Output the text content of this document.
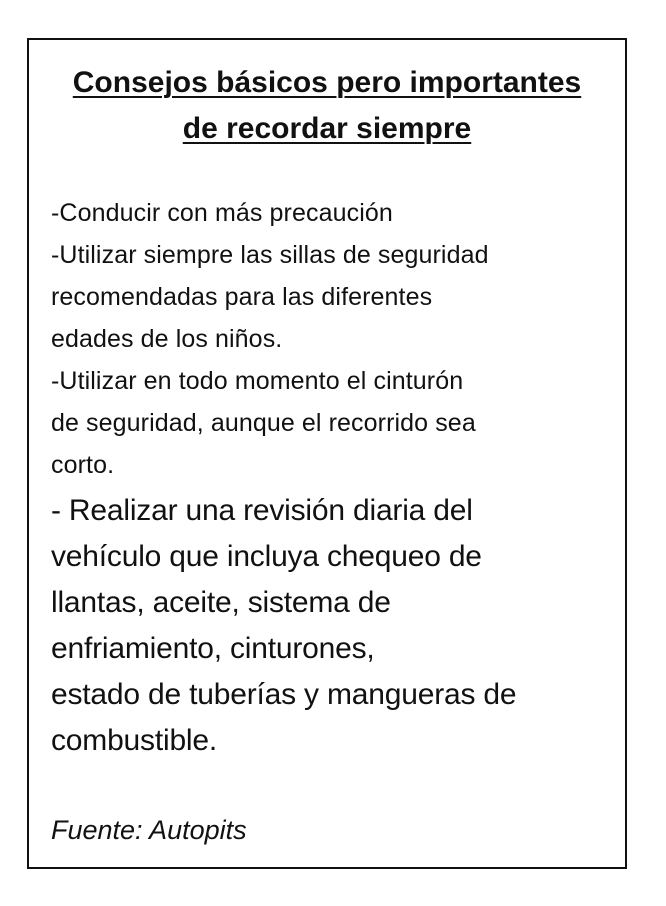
Consejos básicos pero importantes
de recordar siempre
-Conducir con más precaución
-Utilizar siempre las sillas de seguridad
recomendadas para las diferentes
edades de los niños.
-Utilizar en todo momento el cinturón
de seguridad, aunque el recorrido sea
corto.
- Realizar una revisión diaria del
vehículo que incluya chequeo de
llantas, aceite, sistema de
enfriamiento, cinturones,
estado de tuberías y mangueras de
combustible.
Fuente: Autopits
